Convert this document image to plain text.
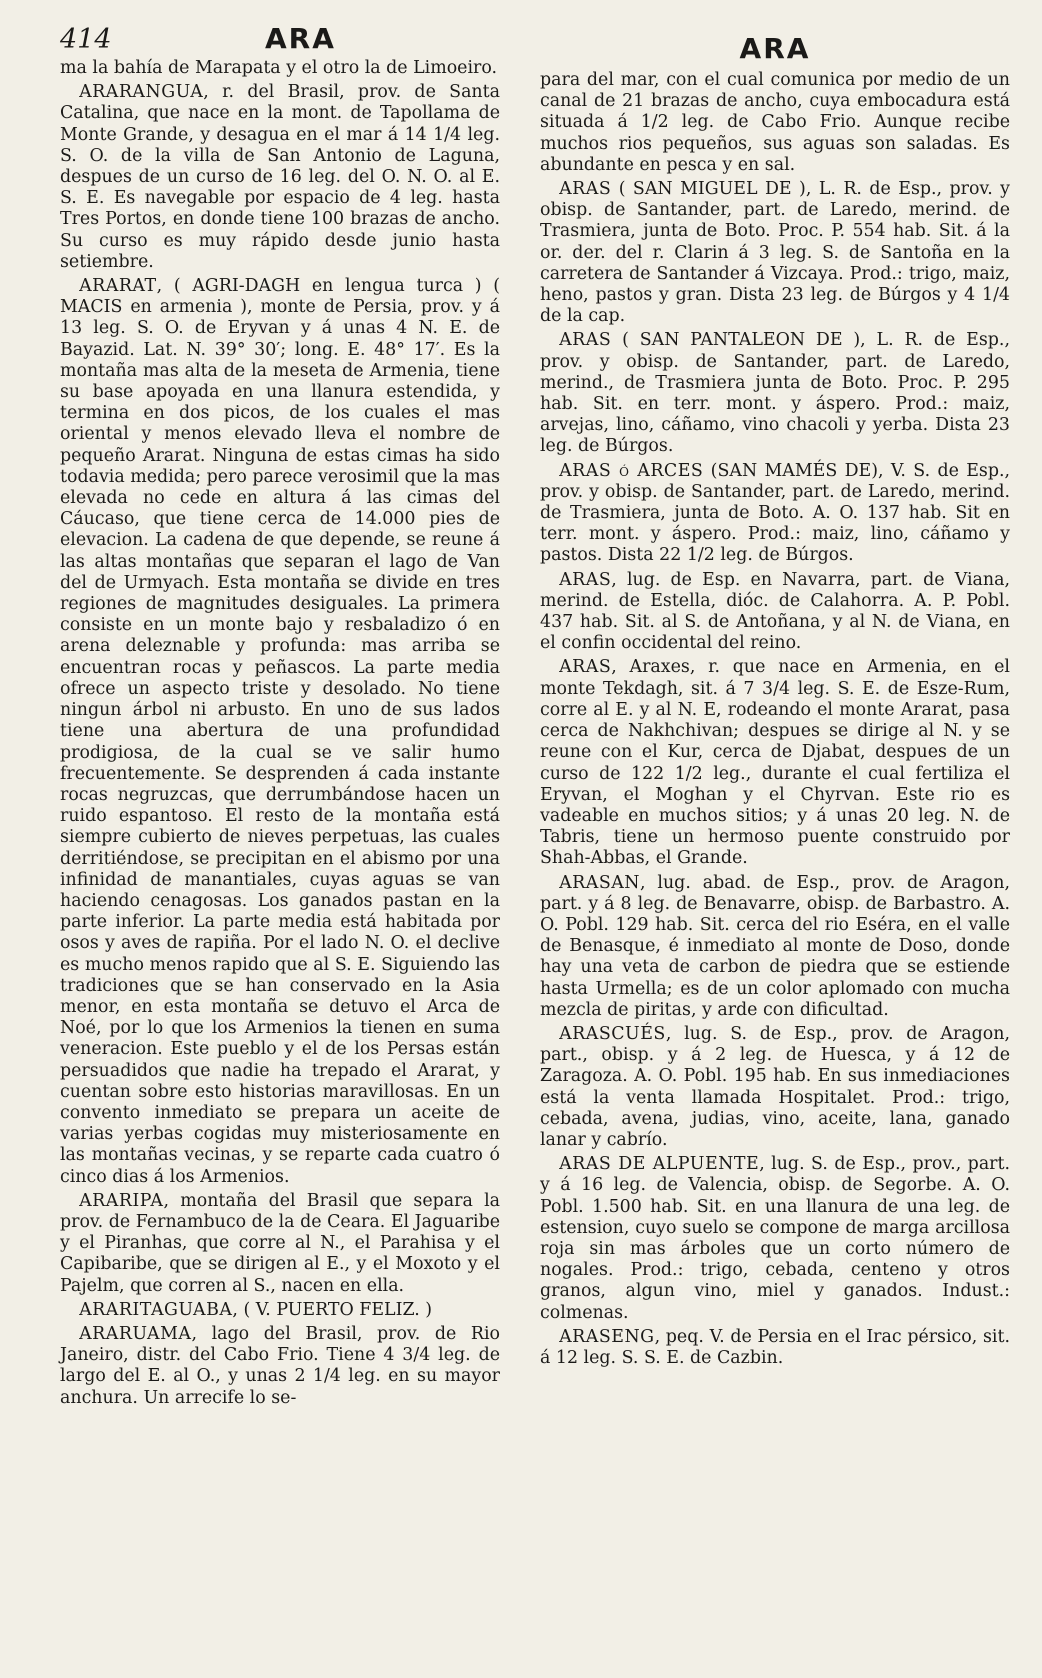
414	ARA	ARA

ma la bahía de Marapata y el otro la de Limoeiro.

ARARANGUA, r. del Brasil, prov. de Santa Catalina, que nace en la mont. de Tapollama de Monte Grande, y desagua en el mar á 14 1/4 leg. S. O. de la villa de San Antonio de Laguna, despues de un curso de 16 leg. del O. N. O. al E. S. E. Es navegable por espacio de 4 leg. hasta Tres Portos, en donde tiene 100 brazas de ancho. Su curso es muy rápido desde junio hasta setiembre.

ARARAT, ( AGRI-DAGH en lengua turca ) ( MACIS en armenia ), monte de Persia, prov. y á 13 leg. S. O. de Eryvan y á unas 4 N. E. de Bayazid. Lat. N. 39° 30′; long. E. 48° 17′. Es la montaña mas alta de la meseta de Armenia, tiene su base apoyada en una llanura estendida, y termina en dos picos, de los cuales el mas oriental y menos elevado lleva el nombre de pequeño Ararat. Ninguna de estas cimas ha sido todavia medida; pero parece verosimil que la mas elevada no cede en altura á las cimas del Cáucaso, que tiene cerca de 14.000 pies de elevacion. La cadena de que depende, se reune á las altas montañas que separan el lago de Van del de Urmyach. Esta montaña se divide en tres regiones de magnitudes desiguales. La primera consiste en un monte bajo y resbaladizo ó en arena deleznable y profunda: mas arriba se encuentran rocas y peñascos. La parte media ofrece un aspecto triste y desolado. No tiene ningun árbol ni arbusto. En uno de sus lados tiene una abertura de una profundidad prodigiosa, de la cual se ve salir humo frecuentemente. Se desprenden á cada instante rocas negruzcas, que derrumbándose hacen un ruido espantoso. El resto de la montaña está siempre cubierto de nieves perpetuas, las cuales derritiéndose, se precipitan en el abismo por una infinidad de manantiales, cuyas aguas se van haciendo cenagosas. Los ganados pastan en la parte inferior. La parte media está habitada por osos y aves de rapiña. Por el lado N. O. el declive es mucho menos rapido que al S. E. Siguiendo las tradiciones que se han conservado en la Asia menor, en esta montaña se detuvo el Arca de Noé, por lo que los Armenios la tienen en suma veneracion. Este pueblo y el de los Persas están persuadidos que nadie ha trepado el Ararat, y cuentan sobre esto historias maravillosas. En un convento inmediato se prepara un aceite de varias yerbas cogidas muy misteriosamente en las montañas vecinas, y se reparte cada cuatro ó cinco dias á los Armenios.

ARARIPA, montaña del Brasil que separa la prov. de Fernambuco de la de Ceara. El Jaguaribe y el Piranhas, que corre al N., el Parahisa y el Capibaribe, que se dirigen al E., y el Moxoto y el Pajelm, que corren al S., nacen en ella.

ARARITAGUABA, ( V. PUERTO FELIZ. )

ARARUAMA, lago del Brasil, prov. de Rio Janeiro, distr. del Cabo Frio. Tiene 4 3/4 leg. de largo del E. al O., y unas 2 1/4 leg. en su mayor anchura. Un arrecife lo se-

para del mar, con el cual comunica por medio de un canal de 21 brazas de ancho, cuya embocadura está situada á 1/2 leg. de Cabo Frio. Aunque recibe muchos rios pequeños, sus aguas son saladas. Es abundante en pesca y en sal.

ARAS ( SAN MIGUEL DE ), L. R. de Esp., prov. y obisp. de Santander, part. de Laredo, merind. de Trasmiera, junta de Boto. Proc. P. 554 hab. Sit. á la or. der. del r. Clarin á 3 leg. S. de Santoña en la carretera de Santander á Vizcaya. Prod.: trigo, maiz, heno, pastos y gran. Dista 23 leg. de Búrgos y 4 1/4 de la cap.

ARAS ( SAN PANTALEON DE ), L. R. de Esp., prov. y obisp. de Santander, part. de Laredo, merind., de Trasmiera junta de Boto. Proc. P. 295 hab. Sit. en terr. mont. y áspero. Prod.: maiz, arvejas, lino, cáñamo, vino chacoli y yerba. Dista 23 leg. de Búrgos.

ARAS ó ARCES (SAN MAMÉS DE), V. S. de Esp., prov. y obisp. de Santander, part. de Laredo, merind. de Trasmiera, junta de Boto. A. O. 137 hab. Sit en terr. mont. y áspero. Prod.: maiz, lino, cáñamo y pastos. Dista 22 1/2 leg. de Búrgos.

ARAS, lug. de Esp. en Navarra, part. de Viana, merind. de Estella, dióc. de Calahorra. A. P. Pobl. 437 hab. Sit. al S. de Antoñana, y al N. de Viana, en el confin occidental del reino.

ARAS, Araxes, r. que nace en Armenia, en el monte Tekdagh, sit. á 7 3/4 leg. S. E. de Esze-Rum, corre al E. y al N. E, rodeando el monte Ararat, pasa cerca de Nakhchivan; despues se dirige al N. y se reune con el Kur, cerca de Djabat, despues de un curso de 122 1/2 leg., durante el cual fertiliza el Eryvan, el Moghan y el Chyrvan. Este rio es vadeable en muchos sitios; y á unas 20 leg. N. de Tabris, tiene un hermoso puente construido por Shah-Abbas, el Grande.

ARASAN, lug. abad. de Esp., prov. de Aragon, part. y á 8 leg. de Benavarre, obisp. de Barbastro. A. O. Pobl. 129 hab. Sit. cerca del rio Eséra, en el valle de Benasque, é inmediato al monte de Doso, donde hay una veta de carbon de piedra que se estiende hasta Urmella; es de un color aplomado con mucha mezcla de piritas, y arde con dificultad.

ARASCUÉS, lug. S. de Esp., prov. de Aragon, part., obisp. y á 2 leg. de Huesca, y á 12 de Zaragoza. A. O. Pobl. 195 hab. En sus inmediaciones está la venta llamada Hospitalet. Prod.: trigo, cebada, avena, judias, vino, aceite, lana, ganado lanar y cabrío.

ARAS DE ALPUENTE, lug. S. de Esp., prov., part. y á 16 leg. de Valencia, obisp. de Segorbe. A. O. Pobl. 1.500 hab. Sit. en una llanura de una leg. de estension, cuyo suelo se compone de marga arcillosa roja sin mas árboles que un corto número de nogales. Prod.: trigo, cebada, centeno y otros granos, algun vino, miel y ganados. Indust.: colmenas.

ARASENG, peq. V. de Persia en el Irac pérsico, sit. á 12 leg. S. S. E. de Cazbin.
